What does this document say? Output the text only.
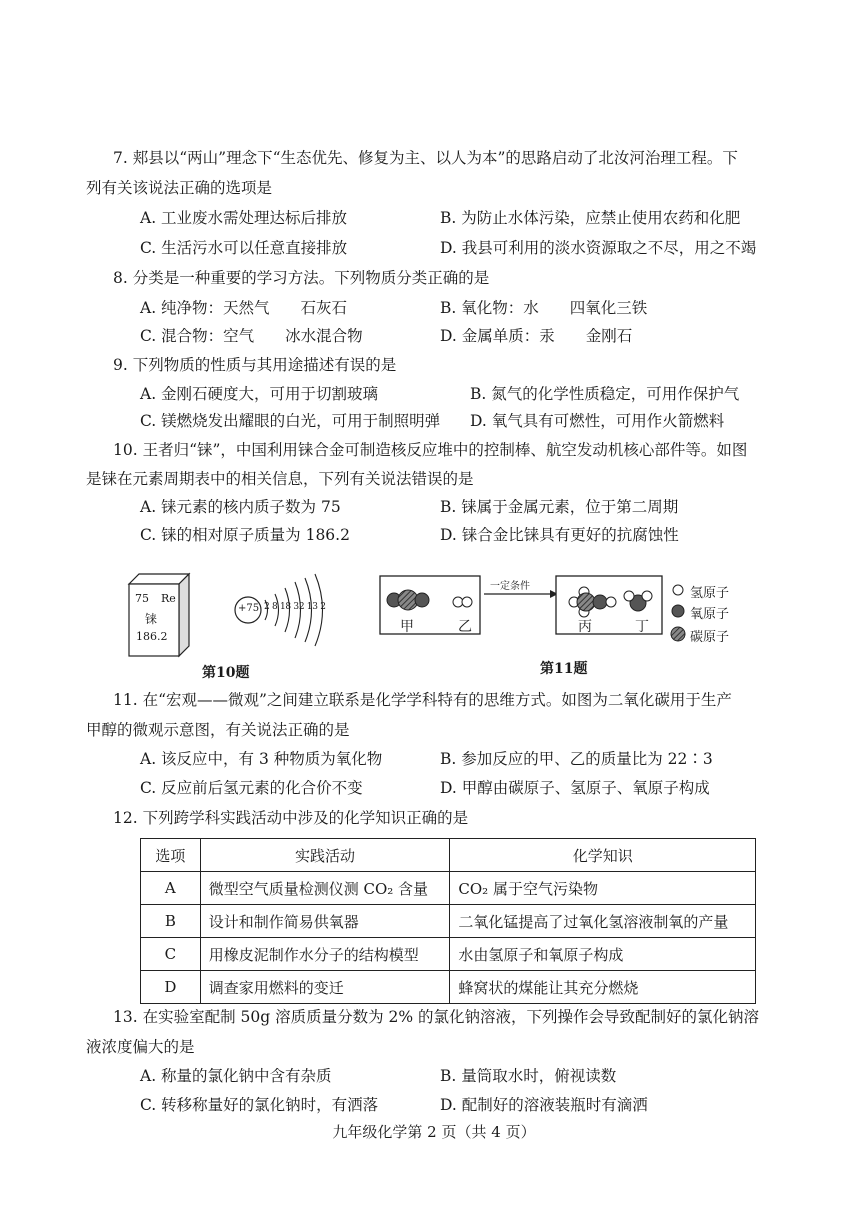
7. 郏县以“两山”理念下“生态优先、修复为主、以人为本”的思路启动了北汝河治理工程。下
列有关该说法正确的选项是
A. 工业废水需处理达标后排放	B. 为防止水体污染，应禁止使用农药和化肥
C. 生活污水可以任意直接排放	D. 我县可利用的淡水资源取之不尽，用之不竭
8. 分类是一种重要的学习方法。下列物质分类正确的是
A. 纯净物：天然气　　石灰石	B. 氧化物：水　　四氧化三铁
C. 混合物：空气　　冰水混合物	D. 金属单质：汞　　金刚石
9. 下列物质的性质与其用途描述有误的是
A. 金刚石硬度大，可用于切割玻璃	B. 氮气的化学性质稳定，可用作保护气
C. 镁燃烧发出耀眼的白光，可用于制照明弹 D. 氧气具有可燃性，可用作火箭燃料
10. 王者归“铼”，中国利用铼合金可制造核反应堆中的控制棒、航空发动机核心部件等。如图
是铼在元素周期表中的相关信息，下列有关说法错误的是
A. 铼元素的核内质子数为 75	B. 铼属于金属元素，位于第二周期
C. 铼的相对原子质量为 186.2	D. 铼合金比铼具有更好的抗腐蚀性
75 Re
铼
186.2
+75 2 8 18 32 13 2
第10题
甲	乙	丙	丁
一定条件	氢原子
氧原子
碳原子
第11题
11. 在“宏观——微观”之间建立联系是化学学科特有的思维方式。如图为二氧化碳用于生产
甲醇的微观示意图，有关说法正确的是
A. 该反应中，有 3 种物质为氧化物	B. 参加反应的甲、乙的质量比为 22∶3
C. 反应前后氢元素的化合价不变	D. 甲醇由碳原子、氢原子、氧原子构成
12. 下列跨学科实践活动中涉及的化学知识正确的是
选项	实践活动	化学知识
A	微型空气质量检测仪测 CO₂ 含量	CO₂ 属于空气污染物
B	设计和制作简易供氧器	二氧化锰提高了过氧化氢溶液制氧的产量
C	用橡皮泥制作水分子的结构模型	水由氢原子和氧原子构成
D	调查家用燃料的变迁	蜂窝状的煤能让其充分燃烧
13. 在实验室配制 50g 溶质质量分数为 2% 的氯化钠溶液，下列操作会导致配制好的氯化钠溶
液浓度偏大的是
A. 称量的氯化钠中含有杂质	B. 量筒取水时，俯视读数
C. 转移称量好的氯化钠时，有洒落	D. 配制好的溶液装瓶时有滴洒
九年级化学第 2 页（共 4 页）
